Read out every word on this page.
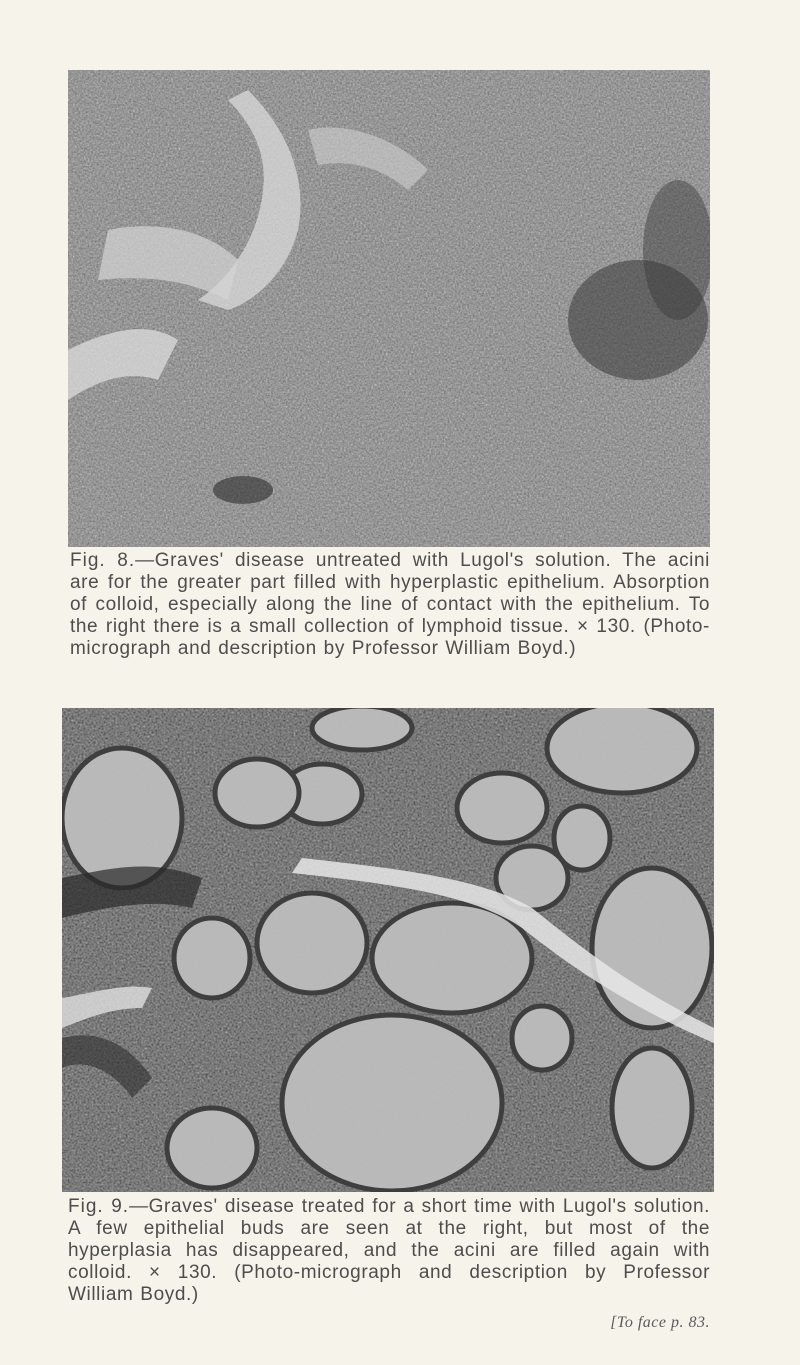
Fig. 8.—Graves' disease untreated with Lugol's solution. The acini are for the greater part filled with hyperplastic epithelium. Absorption of colloid, especially along the line of contact with the epithelium. To the right there is a small collection of lymphoid tissue. × 130. (Photo-micrograph and description by Professor William Boyd.)
Fig. 9.—Graves' disease treated for a short time with Lugol's solution. A few epithelial buds are seen at the right, but most of the hyperplasia has disappeared, and the acini are filled again with colloid. × 130. (Photo-micrograph and description by Professor William Boyd.)
[To face p. 83.
